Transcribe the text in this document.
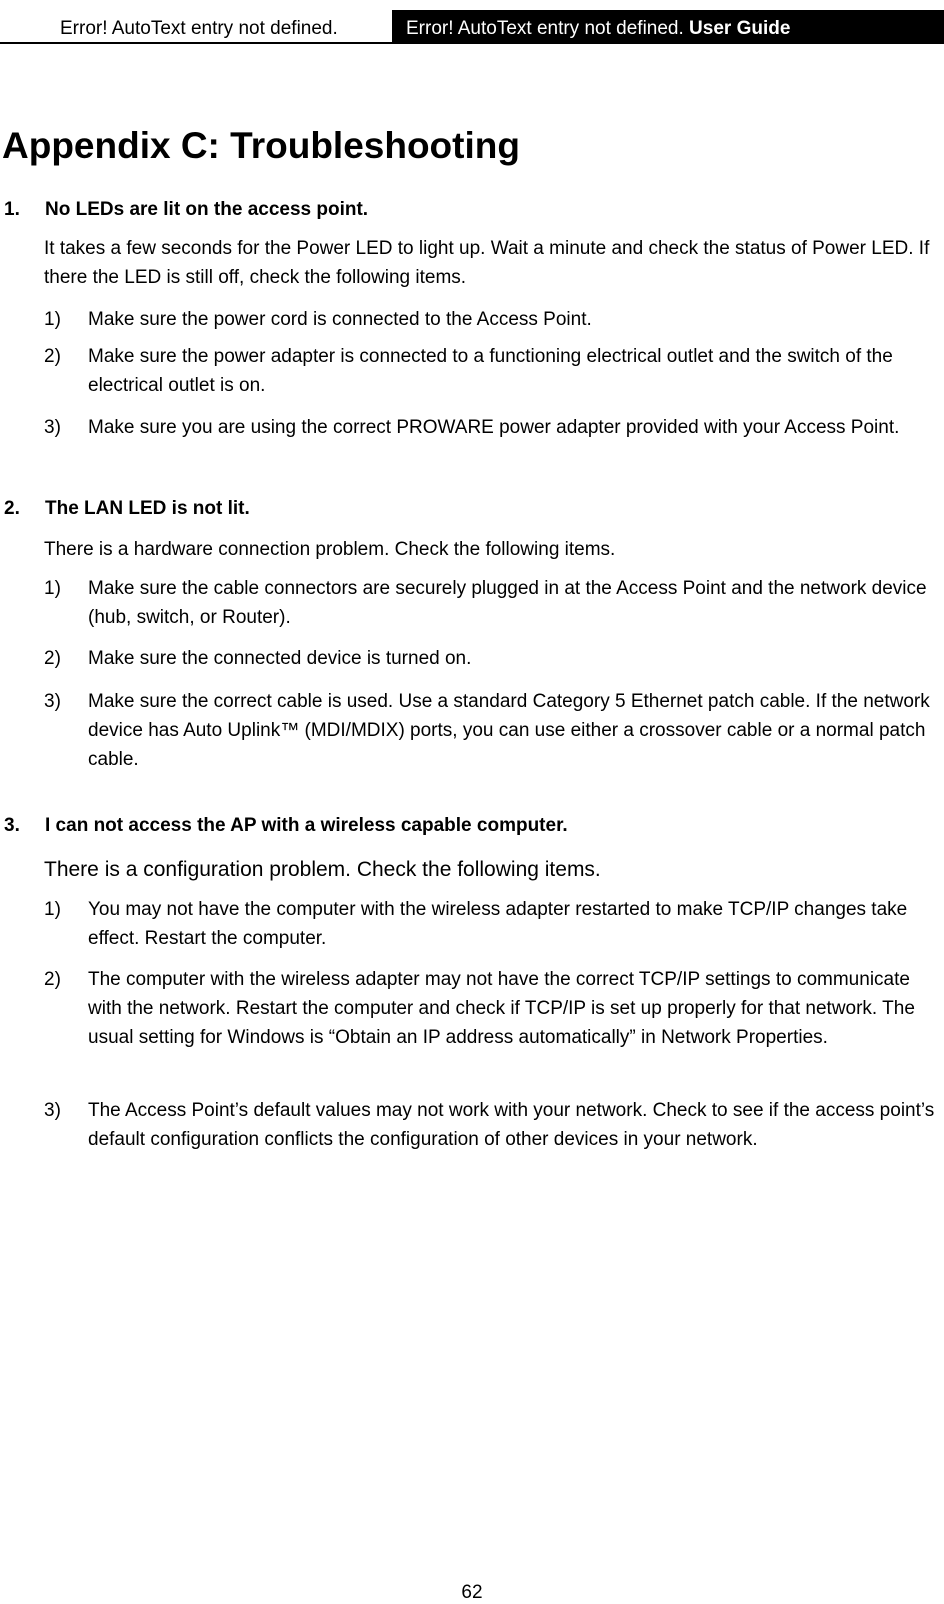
Error! AutoText entry not defined.	Error! AutoText entry not defined. User Guide
Appendix C: Troubleshooting
1. No LEDs are lit on the access point.

It takes a few seconds for the Power LED to light up. Wait a minute and check the status of Power LED. If there the LED is still off, check the following items.

1) Make sure the power cord is connected to the Access Point.
2) Make sure the power adapter is connected to a functioning electrical outlet and the switch of the electrical outlet is on.
3) Make sure you are using the correct PROWARE power adapter provided with your Access Point.
2. The LAN LED is not lit.

There is a hardware connection problem. Check the following items.

1) Make sure the cable connectors are securely plugged in at the Access Point and the network device (hub, switch, or Router).
2) Make sure the connected device is turned on.
3) Make sure the correct cable is used. Use a standard Category 5 Ethernet patch cable. If the network device has Auto Uplink™ (MDI/MDIX) ports, you can use either a crossover cable or a normal patch cable.
3. I can not access the AP with a wireless capable computer.

There is a configuration problem. Check the following items.

1) You may not have the computer with the wireless adapter restarted to make TCP/IP changes take effect. Restart the computer.
2) The computer with the wireless adapter may not have the correct TCP/IP settings to communicate with the network. Restart the computer and check if TCP/IP is set up properly for that network. The usual setting for Windows is “Obtain an IP address automatically” in Network Properties.
3) The Access Point’s default values may not work with your network. Check to see if the access point’s default configuration conflicts the configuration of other devices in your network.
62
